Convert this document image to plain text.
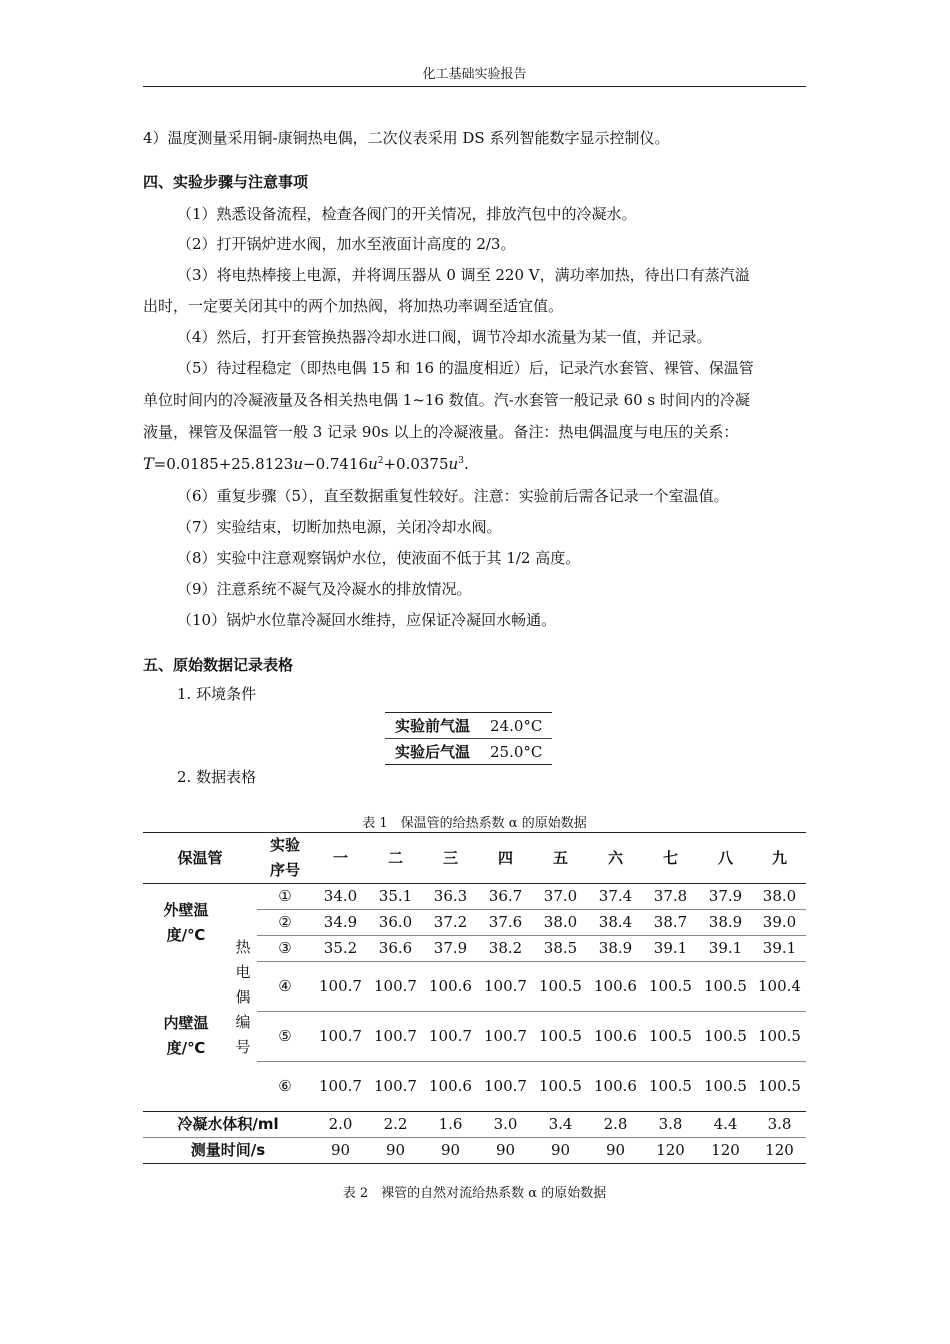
化工基础实验报告
4）温度测量采用铜-康铜热电偶，二次仪表采用 DS 系列智能数字显示控制仪。
四、实验步骤与注意事项
（1）熟悉设备流程，检查各阀门的开关情况，排放汽包中的冷凝水。
（2）打开锅炉进水阀，加水至液面计高度的 2/3。
（3）将电热棒接上电源，并将调压器从 0 调至 220 V，满功率加热，待出口有蒸汽溢
出时，一定要关闭其中的两个加热阀，将加热功率调至适宜值。
（4）然后，打开套管换热器冷却水进口阀，调节冷却水流量为某一值，并记录。
（5）待过程稳定（即热电偶 15 和 16 的温度相近）后，记录汽水套管、裸管、保温管
单位时间内的冷凝液量及各相关热电偶 1~16 数值。汽-水套管一般记录 60 s 时间内的冷凝
液量，裸管及保温管一般 3 记录 90s 以上的冷凝液量。备注：热电偶温度与电压的关系：
$T=0.0185+25.8123u-0.7416u^2+0.0375u^3$.
（6）重复步骤（5），直至数据重复性较好。注意：实验前后需各记录一个室温值。
（7）实验结束，切断加热电源，关闭冷却水阀。
（8）实验中注意观察锅炉水位，使液面不低于其 1/2 高度。
（9）注意系统不凝气及冷凝水的排放情况。
（10）锅炉水位靠冷凝回水维持，应保证冷凝回水畅通。
五、原始数据记录表格
1. 环境条件
实验前气温	24.0°C
实验后气温	25.0°C
2. 数据表格
表 1　保温管的给热系数 α 的原始数据
保温管		实验序号	一	二	三	四	五	六	七	八	九
外壁温度/℃	热电偶编号	①	34.0	35.1	36.3	36.7	37.0	37.4	37.8	37.9	38.0
		②	34.9	36.0	37.2	37.6	38.0	38.4	38.7	38.9	39.0
		③	35.2	36.6	37.9	38.2	38.5	38.9	39.1	39.1	39.1
内壁温度/℃		④	100.7	100.7	100.6	100.7	100.5	100.6	100.5	100.5	100.4
		⑤	100.7	100.7	100.7	100.7	100.5	100.6	100.5	100.5	100.5
		⑥	100.7	100.7	100.6	100.7	100.5	100.6	100.5	100.5	100.5
冷凝水体积/ml			2.0	2.2	1.6	3.0	3.4	2.8	3.8	4.4	3.8
测量时间/s			90	90	90	90	90	90	120	120	120
表 2　裸管的自然对流给热系数 α 的原始数据
